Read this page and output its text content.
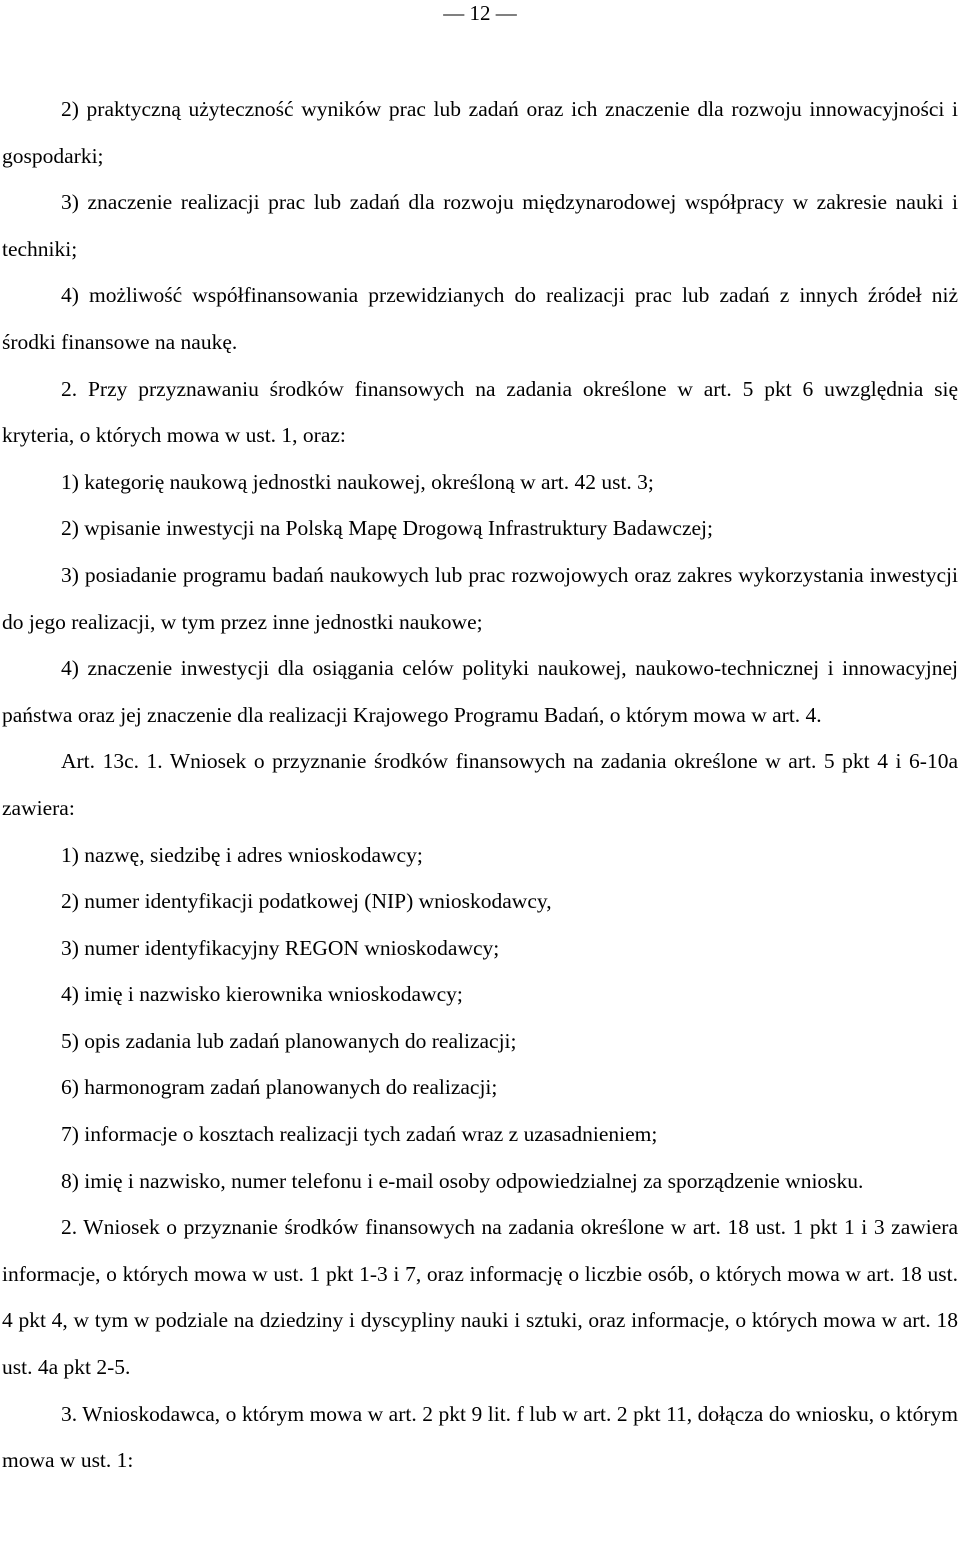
— 12 —

2) praktyczną użyteczność wyników prac lub zadań oraz ich znaczenie dla rozwoju innowacyjności i gospodarki;

3) znaczenie realizacji prac lub zadań dla rozwoju międzynarodowej współpracy w zakresie nauki i techniki;

4) możliwość współfinansowania przewidzianych do realizacji prac lub zadań z innych źródeł niż środki finansowe na naukę.

2. Przy przyznawaniu środków finansowych na zadania określone w art. 5 pkt 6 uwzględnia się kryteria, o których mowa w ust. 1, oraz:

1) kategorię naukową jednostki naukowej, określoną w art. 42 ust. 3;

2) wpisanie inwestycji na Polską Mapę Drogową Infrastruktury Badawczej;

3) posiadanie programu badań naukowych lub prac rozwojowych oraz zakres wykorzystania inwestycji do jego realizacji, w tym przez inne jednostki naukowe;

4) znaczenie inwestycji dla osiągania celów polityki naukowej, naukowo-technicznej i innowacyjnej państwa oraz jej znaczenie dla realizacji Krajowego Programu Badań, o którym mowa w art. 4.

Art. 13c. 1. Wniosek o przyznanie środków finansowych na zadania określone w art. 5 pkt 4 i 6-10a zawiera:

1) nazwę, siedzibę i adres wnioskodawcy;

2) numer identyfikacji podatkowej (NIP) wnioskodawcy,

3) numer identyfikacyjny REGON wnioskodawcy;

4) imię i nazwisko kierownika wnioskodawcy;

5) opis zadania lub zadań planowanych do realizacji;

6) harmonogram zadań planowanych do realizacji;

7) informacje o kosztach realizacji tych zadań wraz z uzasadnieniem;

8) imię i nazwisko, numer telefonu i e-mail osoby odpowiedzialnej za sporządzenie wniosku.

2. Wniosek o przyznanie środków finansowych na zadania określone w art. 18 ust. 1 pkt 1 i 3 zawiera informacje, o których mowa w ust. 1 pkt 1-3 i 7, oraz informację o liczbie osób, o których mowa w art. 18 ust. 4 pkt 4, w tym w podziale na dziedziny i dyscypliny nauki i sztuki, oraz informacje, o których mowa w art. 18 ust. 4a pkt 2-5.

3. Wnioskodawca, o którym mowa w art. 2 pkt 9 lit. f lub w art. 2 pkt 11, dołącza do wniosku, o którym mowa w ust. 1:
